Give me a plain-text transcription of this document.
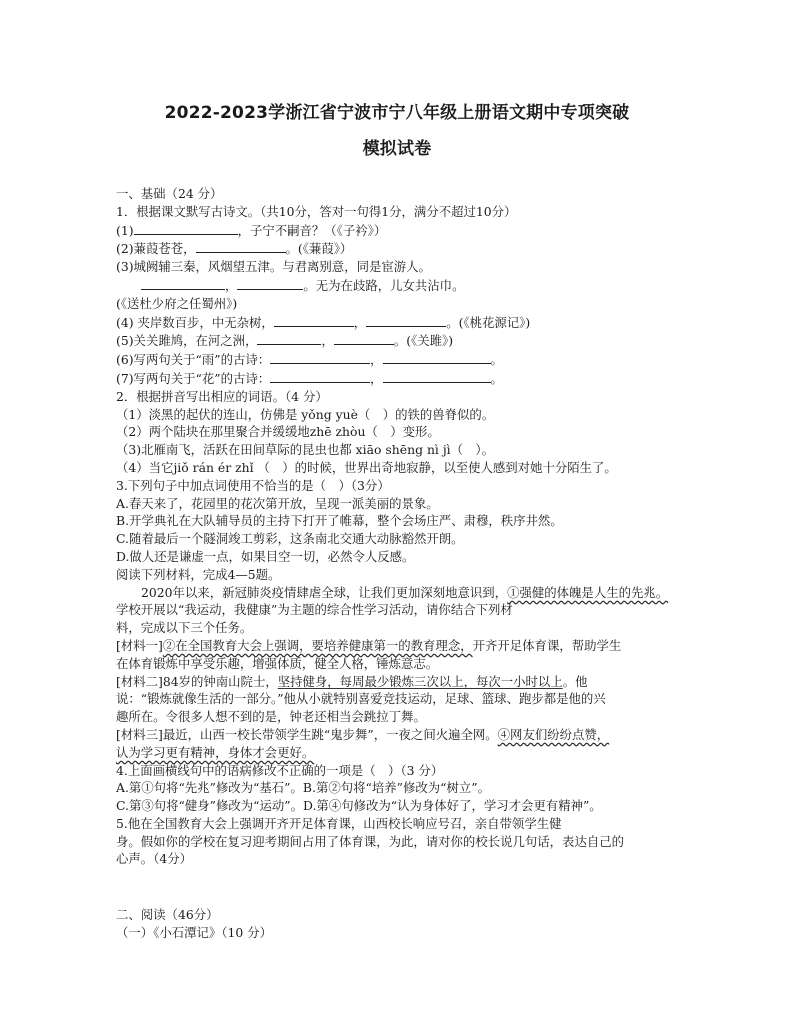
2022-2023学浙江省宁波市宁八年级上册语文期中专项突破
模拟试卷
一、基础（24 分）
1．根据课文默写古诗文。（共10分，答对一句得1分，满分不超过10分）
(1)	，子宁不嗣音？（《子衿》）
(2)蒹葭苍苍，	。(《蒹葭》）
(3)城阙辅三秦，风烟望五津。与君离别意，同是宦游人。
，	。无为在歧路，儿女共沾巾。
(《送杜少府之任蜀州》)
(4) 夹岸数百步，中无杂树，	，	。(《桃花源记》)
(5)关关雎鸠，在河之洲，	，	。(《关雎》)
(6)写两句关于“雨”的古诗：	，	。
(7)写两句关于“花”的古诗：	，	。
2．根据拼音写出相应的词语。（4 分）
（1）淡黑的起伏的连山，仿佛是 yǒng yuè（　）的铁的兽脊似的。
（2）两个陆块在那里聚合并缓缓地zhē zhòu（　）变形。
（3)北雁南飞，活跃在田间草际的昆虫也都 xiāo shēng nì jì（　）。
（4）当它jiǒ rán ér zhǐ （　）的时候，世界出奇地寂静，以至使人感到对她十分陌生了。
3.下列句子中加点词使用不恰当的是（　）（3分）
A.春天来了，花园里的花次第开放，呈现一派美丽的景象。
B.开学典礼在大队辅导员的主持下打开了帷幕，整个会场庄严、肃穆，秩序井然。
C.随着最后一个隧洞竣工剪彩，这条南北交通大动脉豁然开朗。
D.做人还是谦虚一点，如果目空一切，必然令人反感。
阅读下列材料，完成4—5题。
2020年以来，新冠肺炎疫情肆虐全球，让我们更加深刻地意识到，①强健的体魄是人生的先兆。
学校开展以“我运动，我健康”为主题的综合性学习活动，请你结合下列材
料，完成以下三个任务。
[材料一]②在全国教育大会上强调，要培养健康第一的教育理念，开齐开足体育课，帮助学生
在体育锻炼中享受乐趣，增强体质，健全人格，锤炼意志。
[材料二]84岁的钟南山院士，坚持健身，每周最少锻炼三次以上，每次一小时以上。他
说：“锻炼就像生活的一部分。”他从小就特别喜爱竞技运动，足球、篮球、跑步都是他的兴
趣所在。令很多人想不到的是，钟老还相当会跳拉丁舞。
[材料三]最近，山西一校长带领学生跳“鬼步舞”，一夜之间火遍全网。④网友们纷纷点赞，
认为学习更有精神，身体才会更好。
4.上面画横线句中的语病修改不正确的一项是（　）（3 分）
A.第①句将“先兆”修改为“基石”。B.第②句将“培养”修改为“树立”。
C.第③句将“健身”修改为“运动”。D.第④句修改为“认为身体好了，学习才会更有精神”。
5.他在全国教育大会上强调开齐开足体育课，山西校长响应号召，亲自带领学生健
身。假如你的学校在复习迎考期间占用了体育课，为此，请对你的校长说几句话，表达自己的
心声。（4分）
二、阅读（46分）
（一）《小石潭记》（10 分）
